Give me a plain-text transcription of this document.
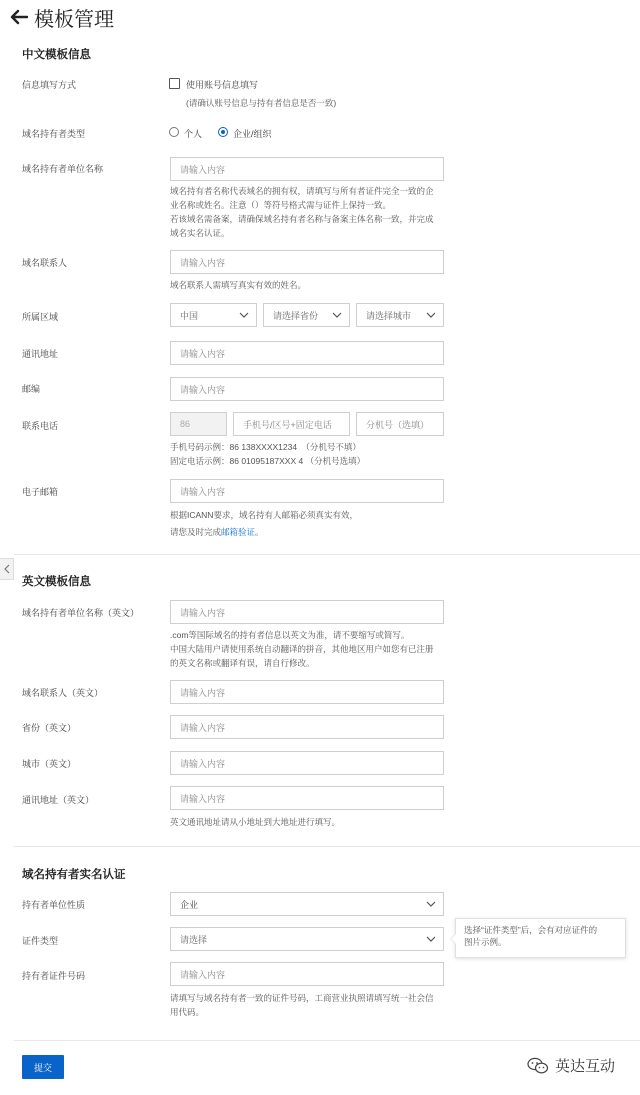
模板管理
中文模板信息
信息填写方式	使用账号信息填写
(请确认账号信息与持有者信息是否一致)
域名持有者类型	个人	企业/组织
域名持有者单位名称	请输入内容
域名持有者名称代表域名的拥有权，请填写与所有者证件完全一致的企
业名称或姓名。注意（）等符号格式需与证件上保持一致。
若该域名需备案，请确保域名持有者名称与备案主体名称一致，并完成
域名实名认证。
域名联系人	请输入内容
域名联系人需填写真实有效的姓名。
所属区域	中国	请选择省份	请选择城市
通讯地址	请输入内容
邮编	请输入内容
联系电话	86	手机号/区号+固定电话	分机号（选填）
手机号码示例：86 138XXXX1234　（分机号不填）
固定电话示例：86 01095187XXX 4 （分机号选填）
电子邮箱	请输入内容
根据ICANN要求，域名持有人邮箱必须真实有效，
请您及时完成邮箱验证。
英文模板信息
域名持有者单位名称（英文）	请输入内容
.com等国际域名的持有者信息以英文为准，请不要缩写或简写。
中国大陆用户请使用系统自动翻译的拼音，其他地区用户如您有已注册
的英文名称或翻译有误，请自行修改。
域名联系人（英文）	请输入内容
省份（英文）	请输入内容
城市（英文）	请输入内容
通讯地址（英文）	请输入内容
英文通讯地址请从小地址到大地址进行填写。
域名持有者实名认证
持有者单位性质	企业
证件类型	请选择
选择“证件类型”后，会有对应证件的
图片示例。
持有者证件号码	请输入内容
请填写与域名持有者一致的证件号码，工商营业执照请填写统一社会信
用代码。
提交	英达互动
